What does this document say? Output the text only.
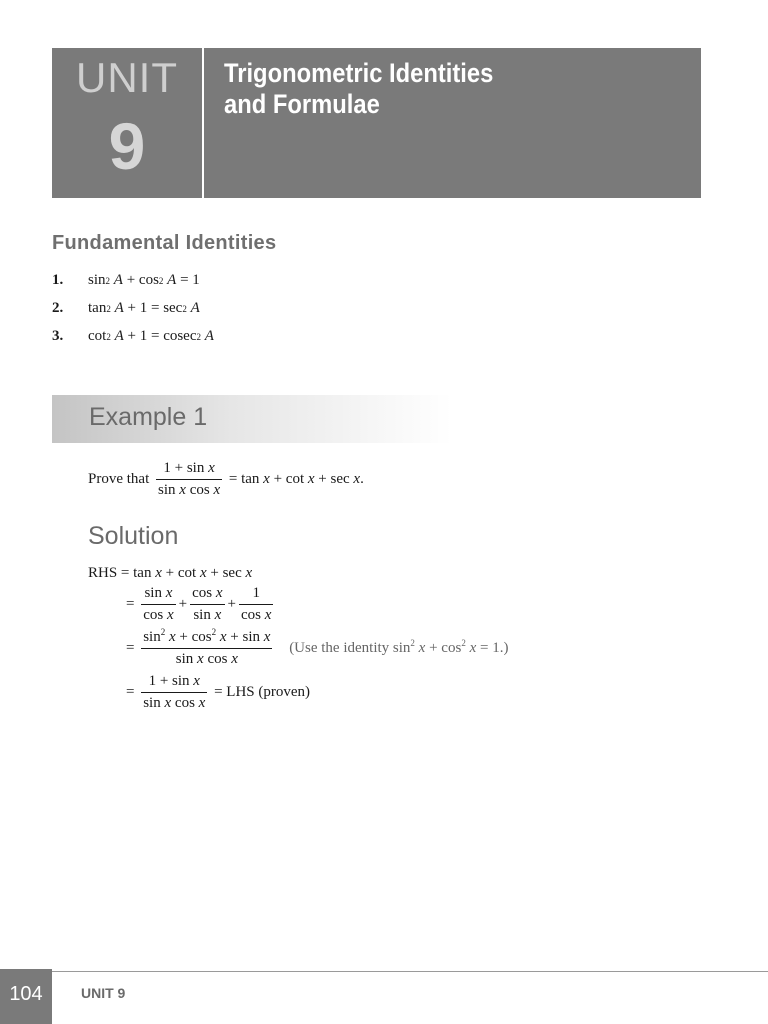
UNIT
9
Trigonometric Identities
and Formulae
Fundamental Identities
1.	sin 2
A
+
cos 2
A
=
1
2.	tan 2
A
+
1
=
sec 2
A
3.	cot 2
A
+
1
=
cosec 2
A
Example 1
Prove that $\frac{\text{1 + sin x}}{\text{sin x cos x}} = \tan x + \cot x + \sec x$.
Solution
RHS = tan x + cot x + sec x
= $\frac{\text{sin x}}{\text{cos x}} + \frac{\text{cos x}}{\text{sin x}} + \frac{1}{\text{cos x}}$
= $\frac{\sin^2 x + \cos^2 x + \sin x}{\text{sin x cos x}} (Use$ the identity $\sin^2 x + \cos^2 x = 1$.)
= $\frac{\text{1 + sin x}}{\text{sin x cos x}}$ = LHS (proven)
104	UNIT 9
